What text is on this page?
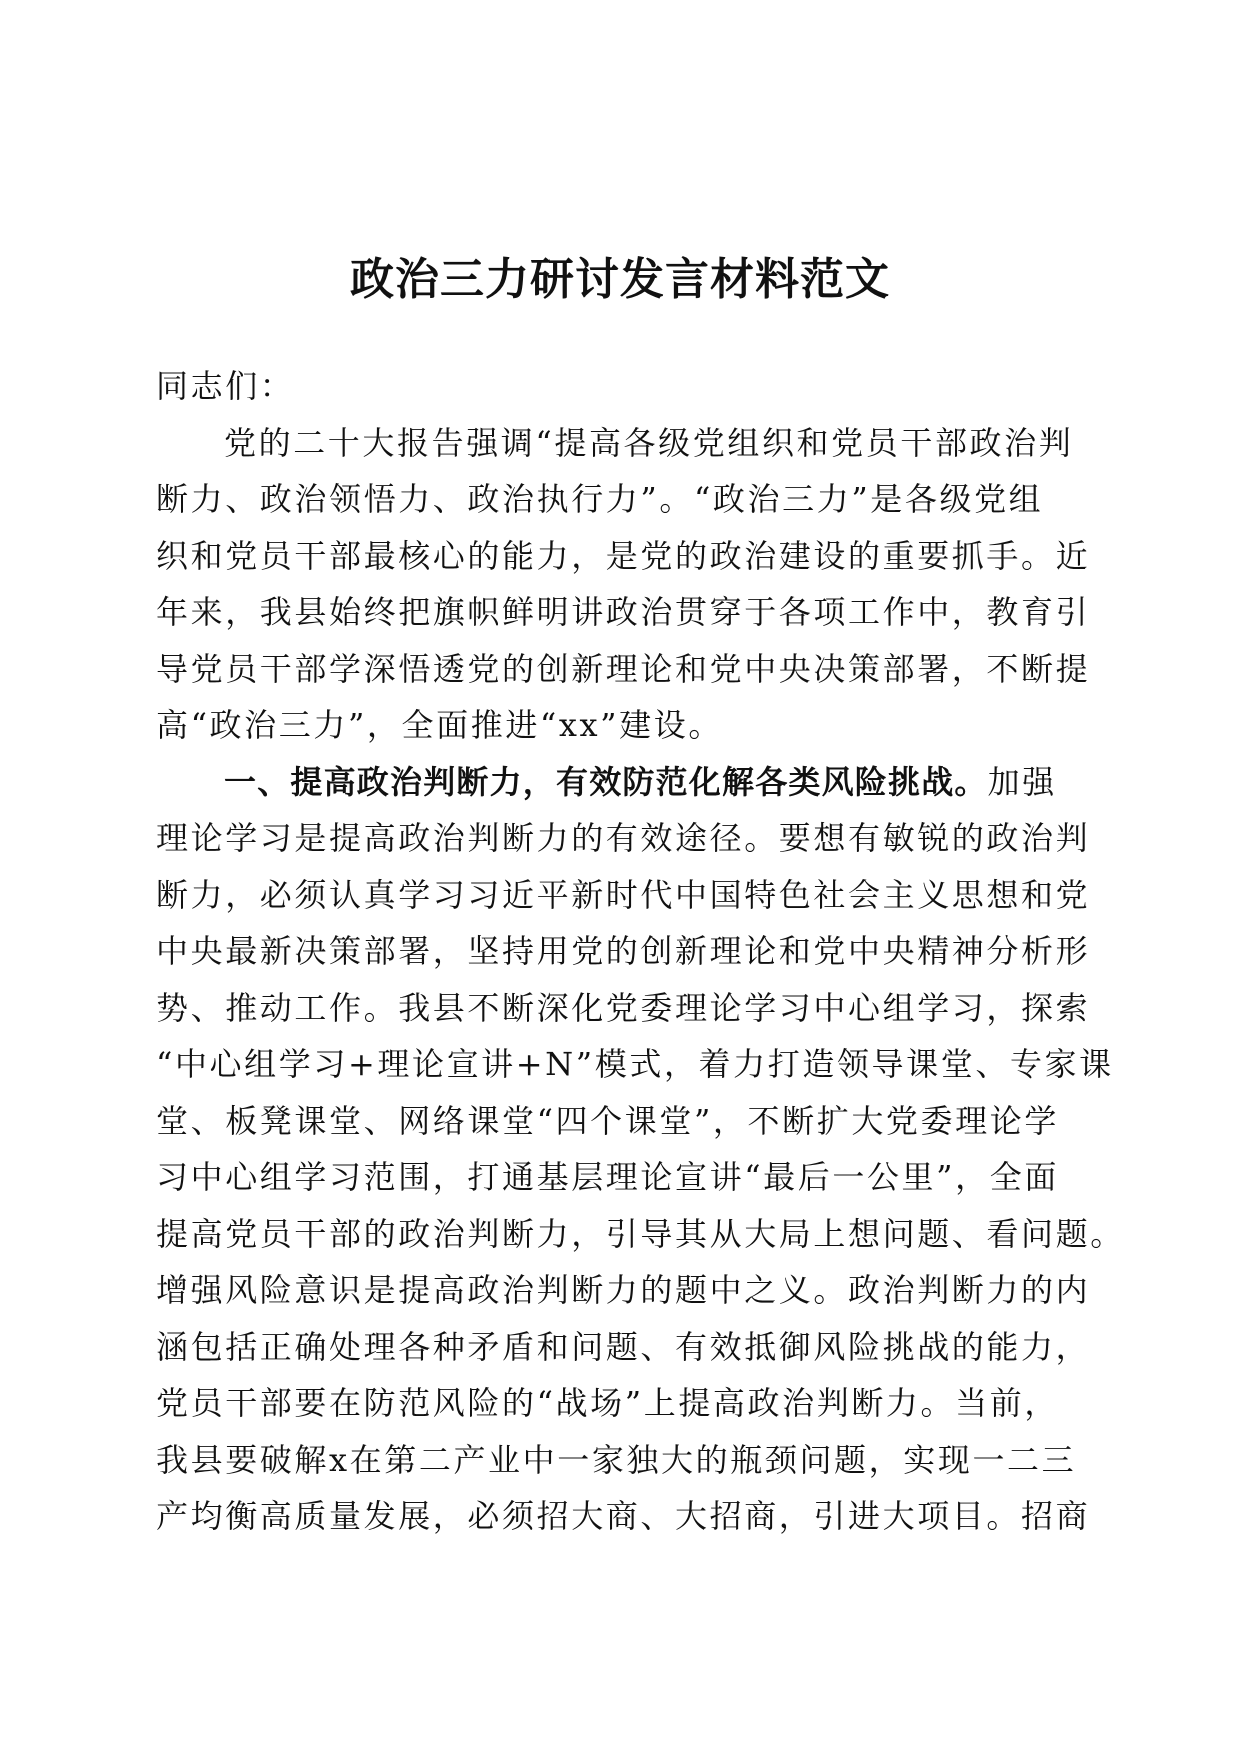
政治三力研讨发言材料范文
同志们：
党的二十大报告强调“提高各级党组织和党员干部政治判
断力、政治领悟力、政治执行力”。“政治三力”是各级党组
织和党员干部最核心的能力，是党的政治建设的重要抓手。近
年来，我县始终把旗帜鲜明讲政治贯穿于各项工作中，教育引
导党员干部学深悟透党的创新理论和党中央决策部署，不断提
高“政治三力”，全面推进“xx”建设。
一、提高政治判断力，有效防范化解各类风险挑战。加强
理论学习是提高政治判断力的有效途径。要想有敏锐的政治判
断力，必须认真学习习近平新时代中国特色社会主义思想和党
中央最新决策部署，坚持用党的创新理论和党中央精神分析形
势、推动工作。我县不断深化党委理论学习中心组学习，探索
“中心组学习+理论宣讲+N”模式，着力打造领导课堂、专家课
堂、板凳课堂、网络课堂“四个课堂”，不断扩大党委理论学
习中心组学习范围，打通基层理论宣讲“最后一公里”，全面
提高党员干部的政治判断力，引导其从大局上想问题、看问题。
增强风险意识是提高政治判断力的题中之义。政治判断力的内
涵包括正确处理各种矛盾和问题、有效抵御风险挑战的能力，
党员干部要在防范风险的“战场”上提高政治判断力。当前，
我县要破解x在第二产业中一家独大的瓶颈问题，实现一二三
产均衡高质量发展，必须招大商、大招商，引进大项目。招商
